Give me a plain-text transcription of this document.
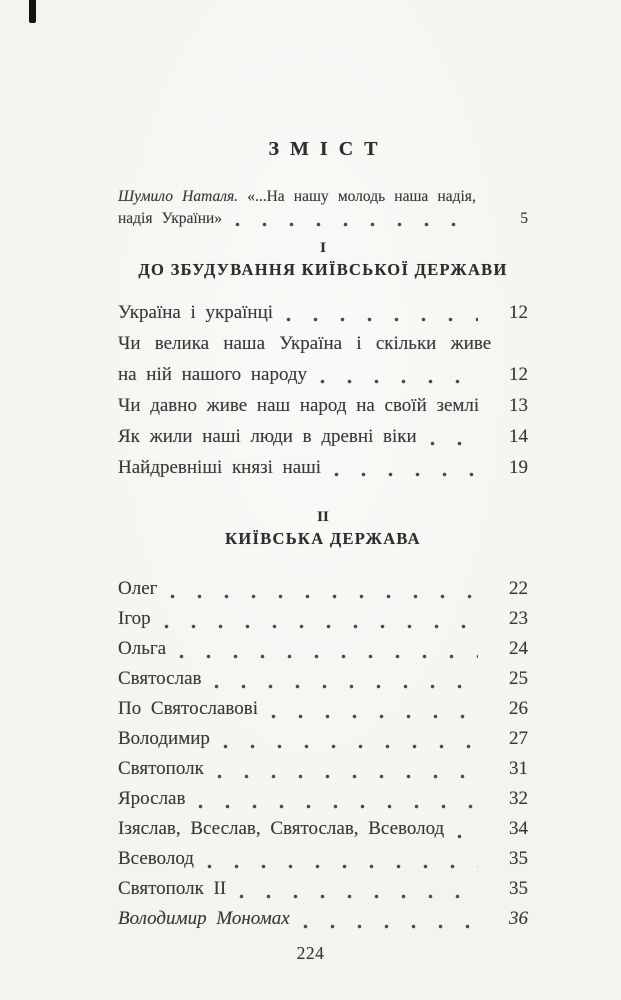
ЗМІСТ
Шумило Наталя. «...На нашу молодь наша надія,
надія України»	5
I
ДО ЗБУДУВАННЯ КИЇВСЬКОЇ ДЕРЖАВИ
Україна і українці	12
Чи велика наша Україна і скільки живе
на ній нашого народу	12
Чи давно живе наш народ на своїй землі	13
Як жили наші люди в древні віки	14
Найдревніші князі наші	19
II
КИЇВСЬКА ДЕРЖАВА
Олег	22
Ігор	23
Ольга	24
Святослав	25
По Святославові	26
Володимир	27
Святополк	31
Ярослав	32
Ізяслав, Всеслав, Святослав, Всеволод	34
Всеволод	35
Святополк II	35
Володимир Мономах	36
224
